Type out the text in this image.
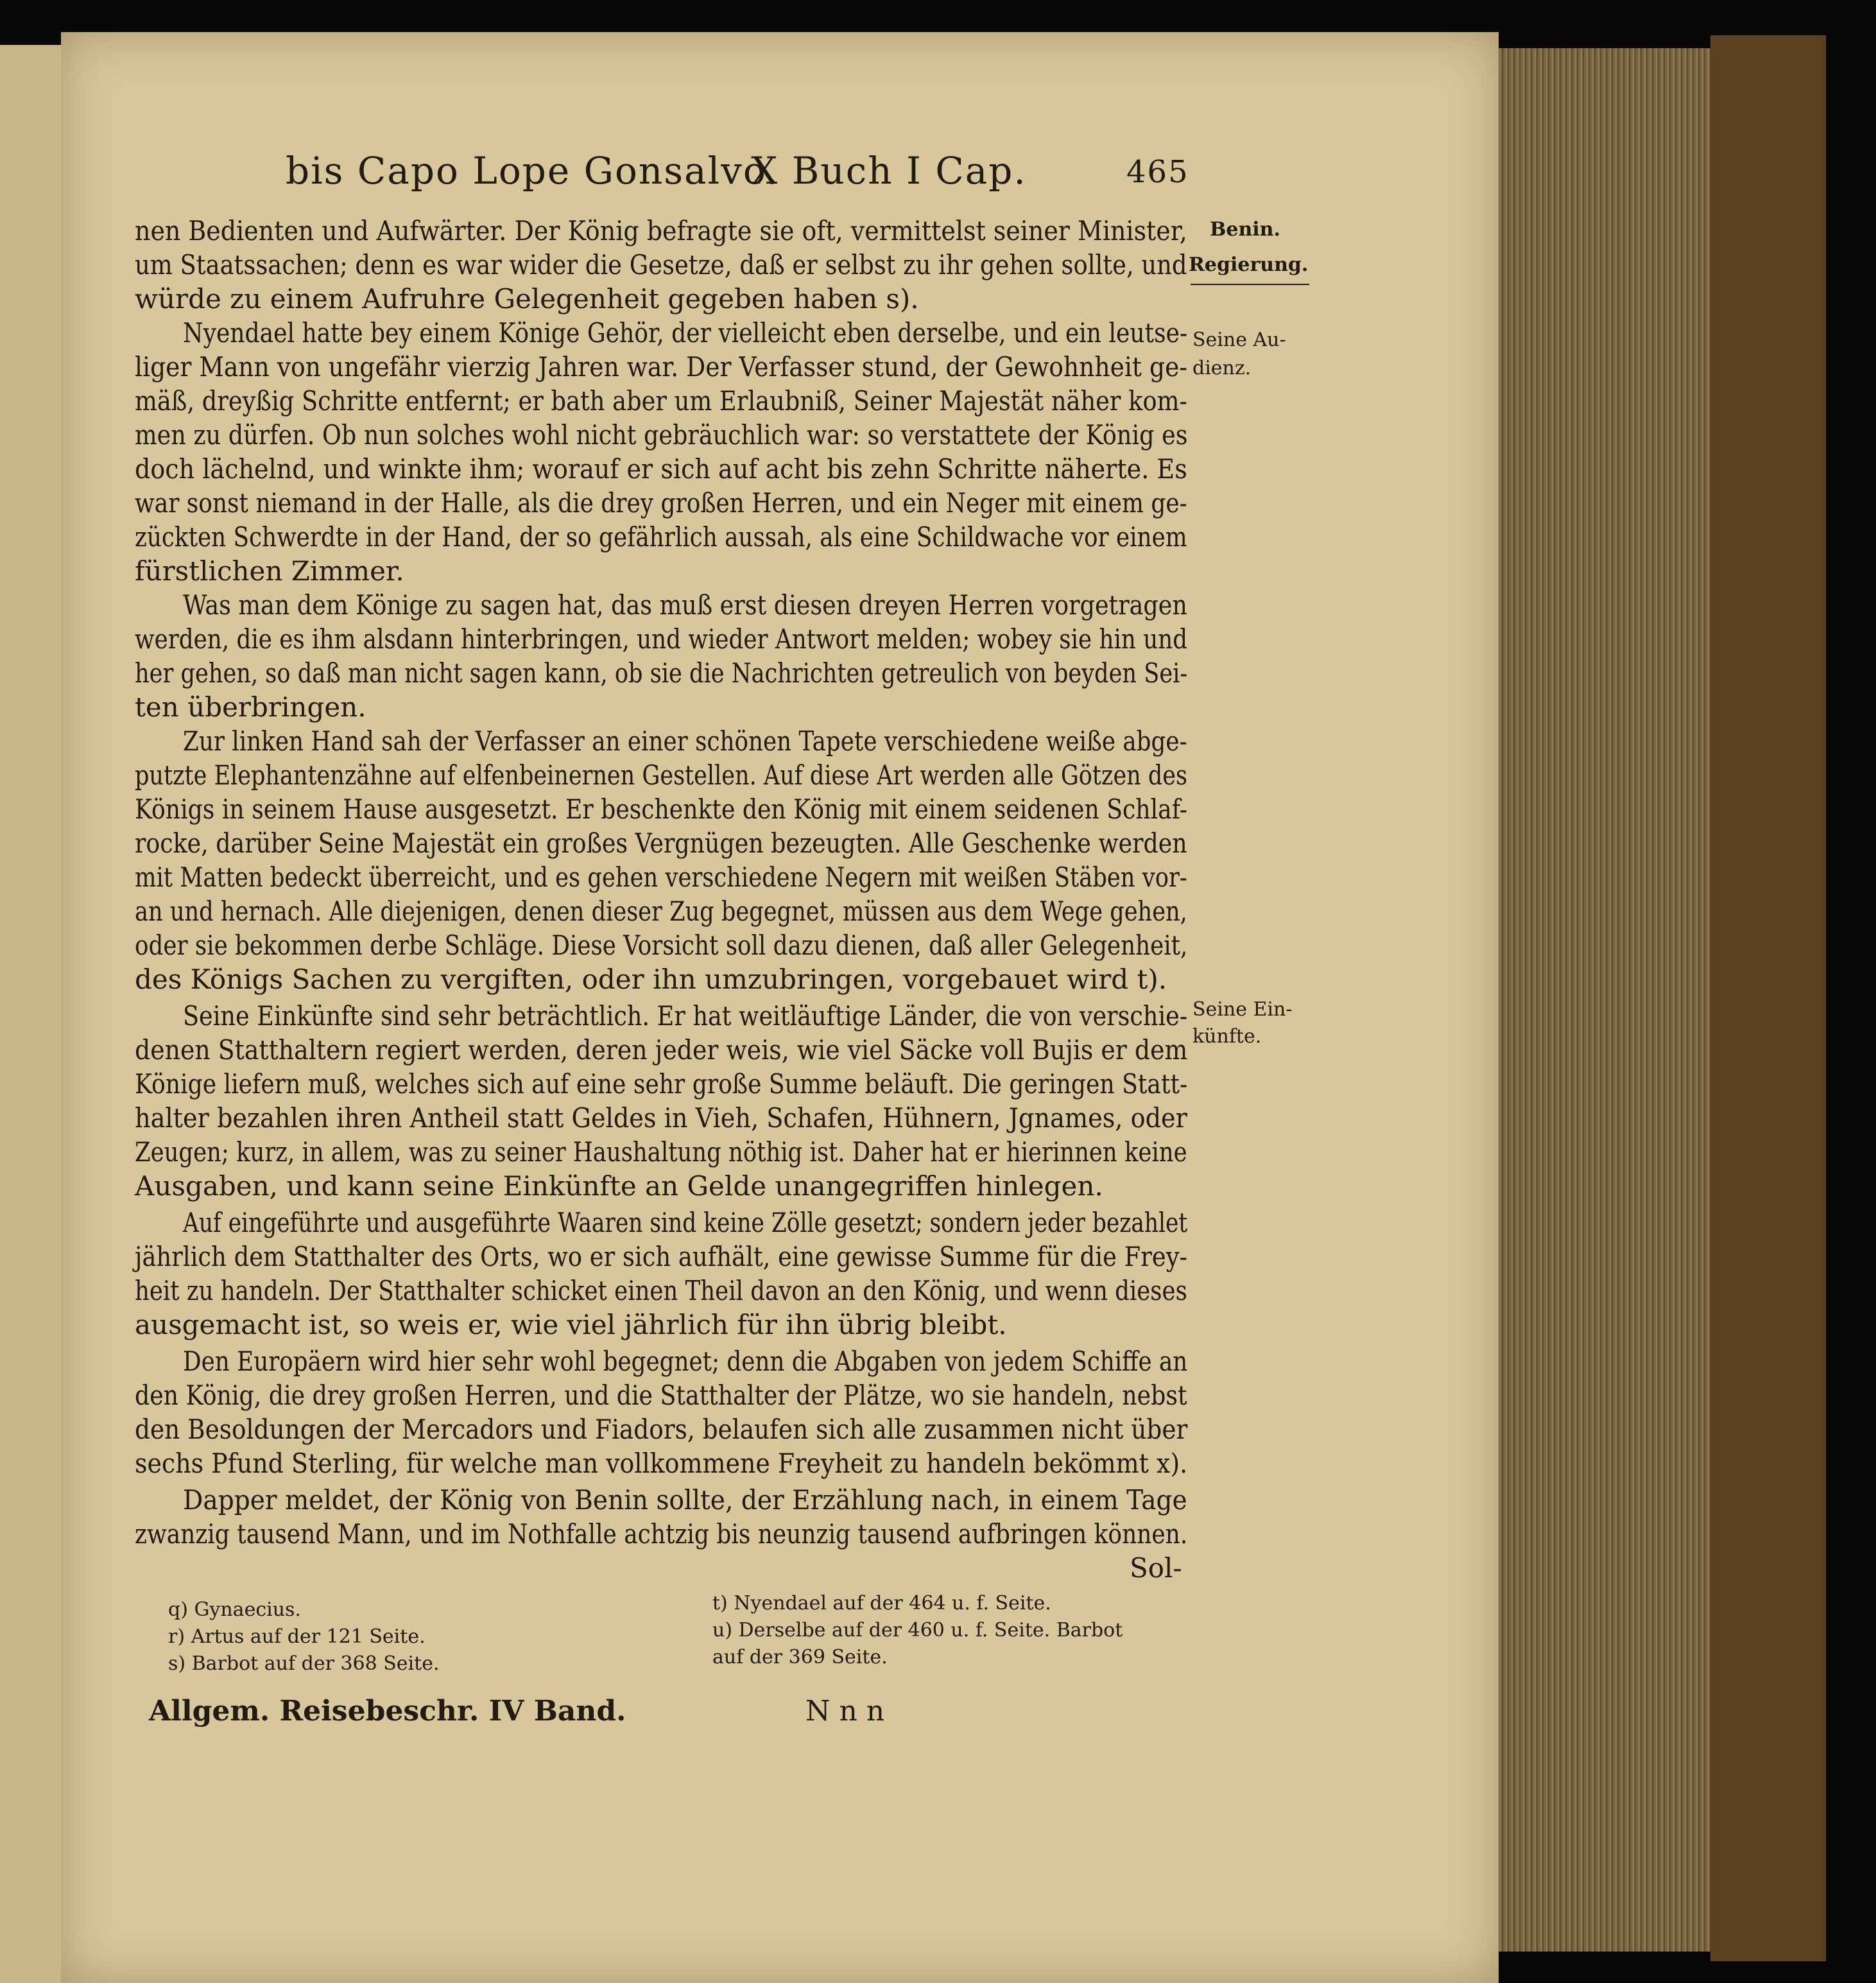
bis Capo Lope Gonsalvo.
X Buch I Cap.	465
nen Bedienten und Aufwärter. Der König befragte sie oft, vermittelst seiner Minister,
um Staatssachen; denn es war wider die Gesetze, daß er selbst zu ihr gehen sollte, und
würde zu einem Aufruhre Gelegenheit gegeben haben s).
Nyendael hatte bey einem Könige Gehör, der vielleicht eben derselbe, und ein leutse-
liger Mann von ungefähr vierzig Jahren war. Der Verfasser stund, der Gewohnheit ge-
mäß, dreyßig Schritte entfernt; er bath aber um Erlaubniß, Seiner Majestät näher kom-
men zu dürfen. Ob nun solches wohl nicht gebräuchlich war: so verstattete der König es
doch lächelnd, und winkte ihm; worauf er sich auf acht bis zehn Schritte näherte. Es
war sonst niemand in der Halle, als die drey großen Herren, und ein Neger mit einem ge-
zückten Schwerdte in der Hand, der so gefährlich aussah, als eine Schildwache vor einem
fürstlichen Zimmer.
Was man dem Könige zu sagen hat, das muß erst diesen dreyen Herren vorgetragen
werden, die es ihm alsdann hinterbringen, und wieder Antwort melden; wobey sie hin und
her gehen, so daß man nicht sagen kann, ob sie die Nachrichten getreulich von beyden Sei-
ten überbringen.
Zur linken Hand sah der Verfasser an einer schönen Tapete verschiedene weiße abge-
putzte Elephantenzähne auf elfenbeinernen Gestellen. Auf diese Art werden alle Götzen des
Königs in seinem Hause ausgesetzt. Er beschenkte den König mit einem seidenen Schlaf-
rocke, darüber Seine Majestät ein großes Vergnügen bezeugten. Alle Geschenke werden
mit Matten bedeckt überreicht, und es gehen verschiedene Negern mit weißen Stäben vor-
an und hernach. Alle diejenigen, denen dieser Zug begegnet, müssen aus dem Wege gehen,
oder sie bekommen derbe Schläge. Diese Vorsicht soll dazu dienen, daß aller Gelegenheit,
des Königs Sachen zu vergiften, oder ihn umzubringen, vorgebauet wird t).
Seine Einkünfte sind sehr beträchtlich. Er hat weitläuftige Länder, die von verschie-
denen Statthaltern regiert werden, deren jeder weis, wie viel Säcke voll Bujis er dem
Könige liefern muß, welches sich auf eine sehr große Summe beläuft. Die geringen Statt-
halter bezahlen ihren Antheil statt Geldes in Vieh, Schafen, Hühnern, Jgnames, oder
Zeugen; kurz, in allem, was zu seiner Haushaltung nöthig ist. Daher hat er hierinnen keine
Ausgaben, und kann seine Einkünfte an Gelde unangegriffen hinlegen.
Auf eingeführte und ausgeführte Waaren sind keine Zölle gesetzt; sondern jeder bezahlet
jährlich dem Statthalter des Orts, wo er sich aufhält, eine gewisse Summe für die Frey-
heit zu handeln. Der Statthalter schicket einen Theil davon an den König, und wenn dieses
ausgemacht ist, so weis er, wie viel jährlich für ihn übrig bleibt.
Den Europäern wird hier sehr wohl begegnet; denn die Abgaben von jedem Schiffe an
den König, die drey großen Herren, und die Statthalter der Plätze, wo sie handeln, nebst
den Besoldungen der Mercadors und Fiadors, belaufen sich alle zusammen nicht über
sechs Pfund Sterling, für welche man vollkommene Freyheit zu handeln bekömmt x).
Dapper meldet, der König von Benin sollte, der Erzählung nach, in einem Tage
zwanzig tausend Mann, und im Nothfalle achtzig bis neunzig tausend aufbringen können.
Sol-
Benin.
Regierung.
Seine Au-
dienz.
Seine Ein-
künfte.
q) Gynaecius.
r) Artus auf der 121 Seite.
s) Barbot auf der 368 Seite.
t) Nyendael auf der 464 u. f. Seite.
u) Derselbe auf der 460 u. f. Seite. Barbot
auf der 369 Seite.
Allgem. Reisebeschr. IV Band.	N n n
